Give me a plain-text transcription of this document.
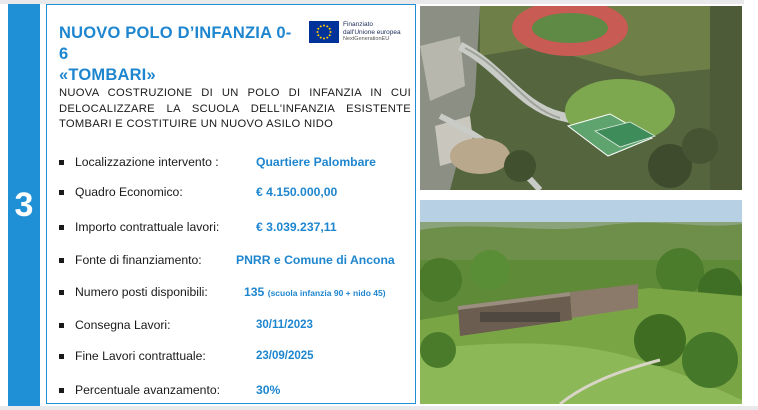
3
NUOVO POLO D’INFANZIA 0-6
«TOMBARI»
Finanziato
dall'Unione europea
NextGenerationEU
NUOVA COSTRUZIONE DI UN POLO DI INFANZIA IN CUI DELOCALIZZARE LA SCUOLA DELL'INFANZIA ESISTENTE TOMBARI E COSTITUIRE UN NUOVO ASILO NIDO
Localizzazione intervento :	Quartiere Palombare
Quadro Economico:	€ 4.150.000,00
Importo contrattuale lavori:	€ 3.039.237,11
Fonte di finanziamento:	PNRR e Comune di Ancona
Numero posti disponibili:	135 (scuola infanzia 90 + nido 45)
Consegna Lavori:	30/11/2023
Fine Lavori contrattuale:	23/09/2025
Percentuale avanzamento:	30%
